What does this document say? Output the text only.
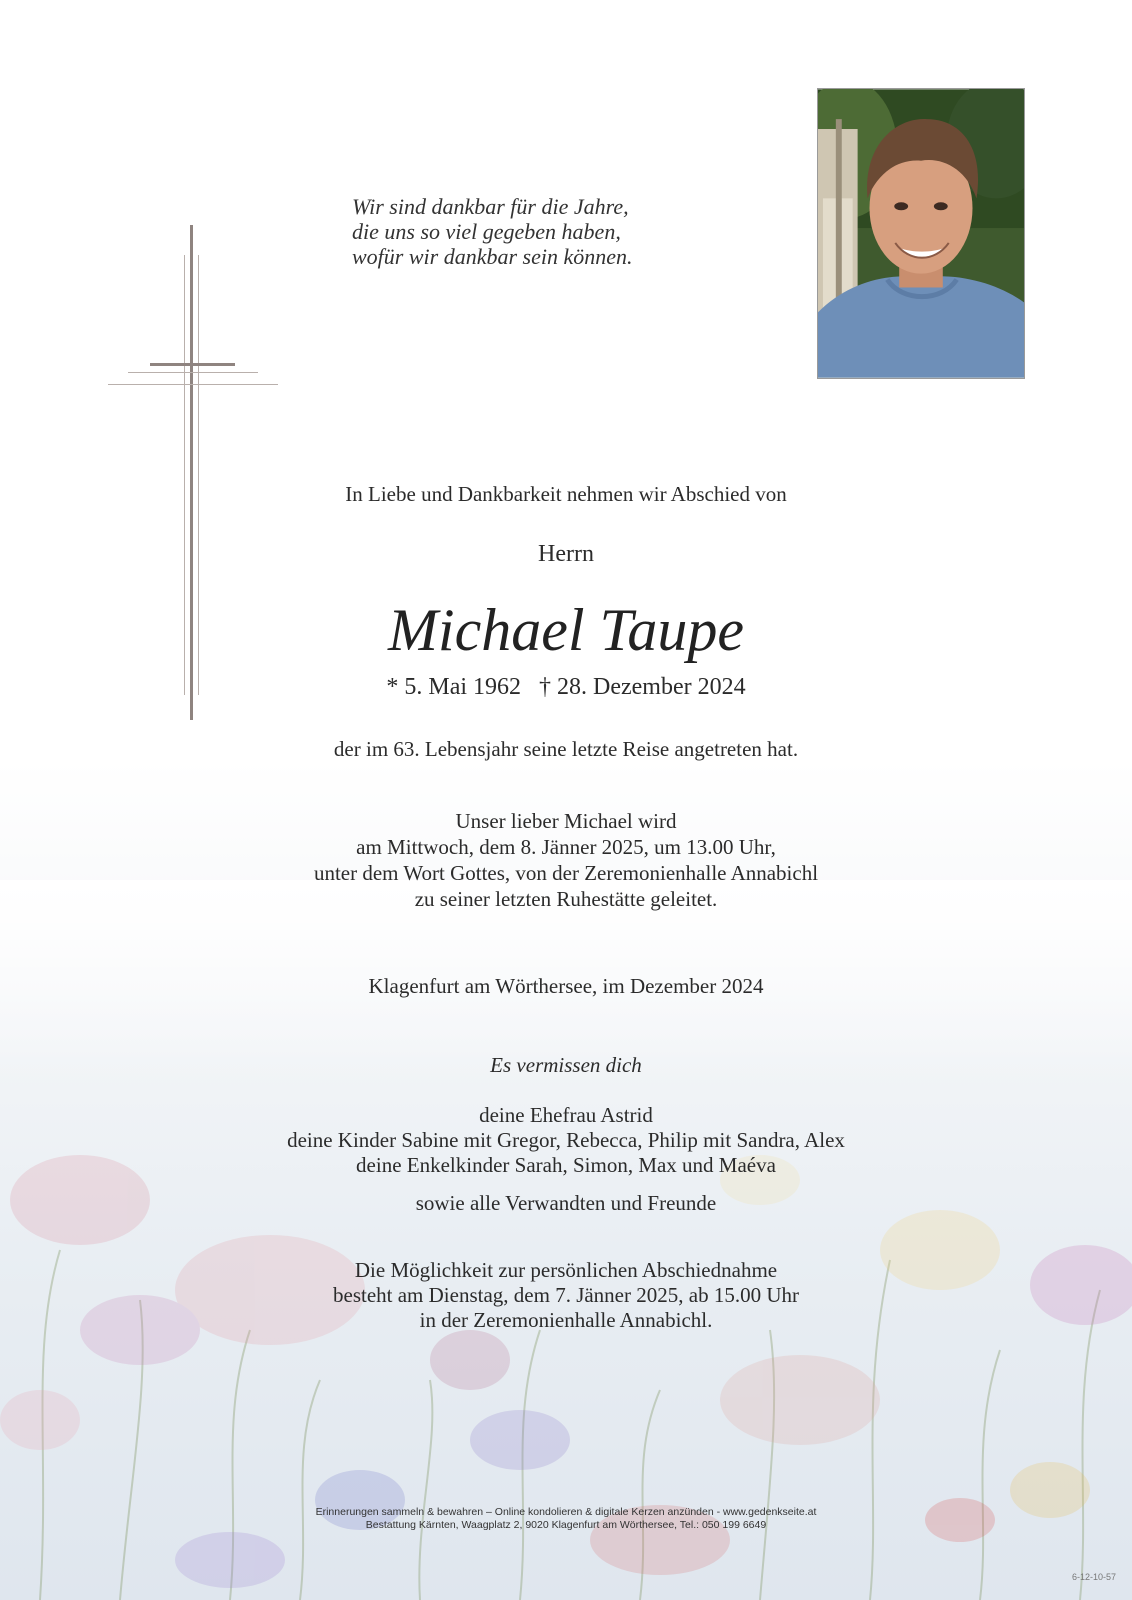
Wir sind dankbar für die Jahre,
die uns so viel gegeben haben,
wofür wir dankbar sein können.
In Liebe und Dankbarkeit nehmen wir Abschied von
Herrn
Michael Taupe
* 5. Mai 1962   † 28. Dezember 2024
der im 63. Lebensjahr seine letzte Reise angetreten hat.
Unser lieber Michael wird
am Mittwoch, dem 8. Jänner 2025, um 13.00 Uhr,
unter dem Wort Gottes, von der Zeremonienhalle Annabichl
zu seiner letzten Ruhestätte geleitet.
Klagenfurt am Wörthersee, im Dezember 2024
Es vermissen dich
deine Ehefrau Astrid
deine Kinder Sabine mit Gregor, Rebecca, Philip mit Sandra, Alex
deine Enkelkinder Sarah, Simon, Max und Maéva
sowie alle Verwandten und Freunde
Die Möglichkeit zur persönlichen Abschiednahme
besteht am Dienstag, dem 7. Jänner 2025, ab 15.00 Uhr
in der Zeremonienhalle Annabichl.
Erinnerungen sammeln & bewahren – Online kondolieren & digitale Kerzen anzünden - www.gedenkseite.at
Bestattung Kärnten, Waagplatz 2, 9020 Klagenfurt am Wörthersee, Tel.: 050 199 6649
6-12-10-57
